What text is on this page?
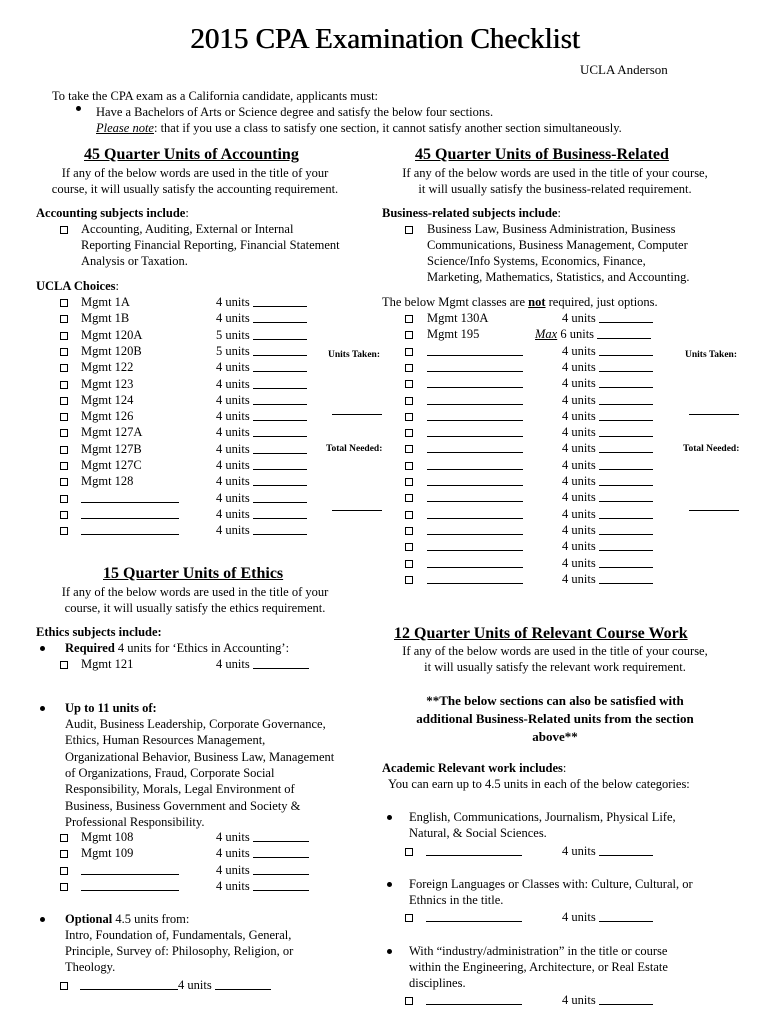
2015 CPA Examination Checklist
UCLA Anderson
To take the CPA exam as a California candidate, applicants must:
Have a Bachelors of Arts or Science degree and satisfy the below four sections.
Please note: that if you use a class to satisfy one section, it cannot satisfy another section simultaneously.
45 Quarter Units of Accounting
If any of the below words are used in the title of your
course, it will usually satisfy the accounting requirement.
Accounting subjects include:
Accounting, Auditing, External or Internal
Reporting Financial Reporting, Financial Statement
Analysis or Taxation.
UCLA Choices:
Mgmt 1A	4 units
Mgmt 1B	4 units
Mgmt 120A	5 units
Mgmt 120B	5 units
Mgmt 122	4 units
Mgmt 123	4 units
Mgmt 124	4 units
Mgmt 126	4 units
Mgmt 127A	4 units
Mgmt 127B	4 units
Mgmt 127C	4 units
Mgmt 128	4 units
4 units
4 units
4 units
Units Taken:
Total Needed:
45 Quarter Units of Business-Related
If any of the below words are used in the title of your course,
it will usually satisfy the business-related requirement.
Business-related subjects include:
Business Law, Business Administration, Business
Communications, Business Management, Computer
Science/Info Systems, Economics, Finance,
Marketing, Mathematics, Statistics, and Accounting.
The below Mgmt classes are not required, just options.
Mgmt 130A	4 units
Mgmt 195	Max 6 units
4 units
4 units
4 units
4 units
4 units
4 units
4 units
4 units
4 units
4 units
4 units
4 units
4 units
4 units
4 units
Units Taken:
Total Needed:
15 Quarter Units of Ethics
If any of the below words are used in the title of your
course, it will usually satisfy the ethics requirement.
Ethics subjects include:
Required 4 units for ‘Ethics in Accounting’:
Mgmt 121	4 units
Up to 11 units of:
Audit, Business Leadership, Corporate Governance,
Ethics, Human Resources Management,
Organizational Behavior, Business Law, Management
of Organizations, Fraud, Corporate Social
Responsibility, Morals, Legal Environment of
Business, Business Government and Society &
Professional Responsibility.
Mgmt 108	4 units
Mgmt 109	4 units
4 units
4 units
Optional 4.5 units from:
Intro, Foundation of, Fundamentals, General,
Principle, Survey of: Philosophy, Religion, or
Theology.
4 units
12 Quarter Units of Relevant Course Work
If any of the below words are used in the title of your course,
it will usually satisfy the relevant work requirement.
**The below sections can also be satisfied with
additional Business-Related units from the section
above**
Academic Relevant work includes:
You can earn up to 4.5 units in each of the below categories:
English, Communications, Journalism, Physical Life,
Natural, & Social Sciences.
4 units
Foreign Languages or Classes with: Culture, Cultural, or
Ethnics in the title.
4 units
With “industry/administration” in the title or course
within the Engineering, Architecture, or Real Estate
disciplines.
4 units
